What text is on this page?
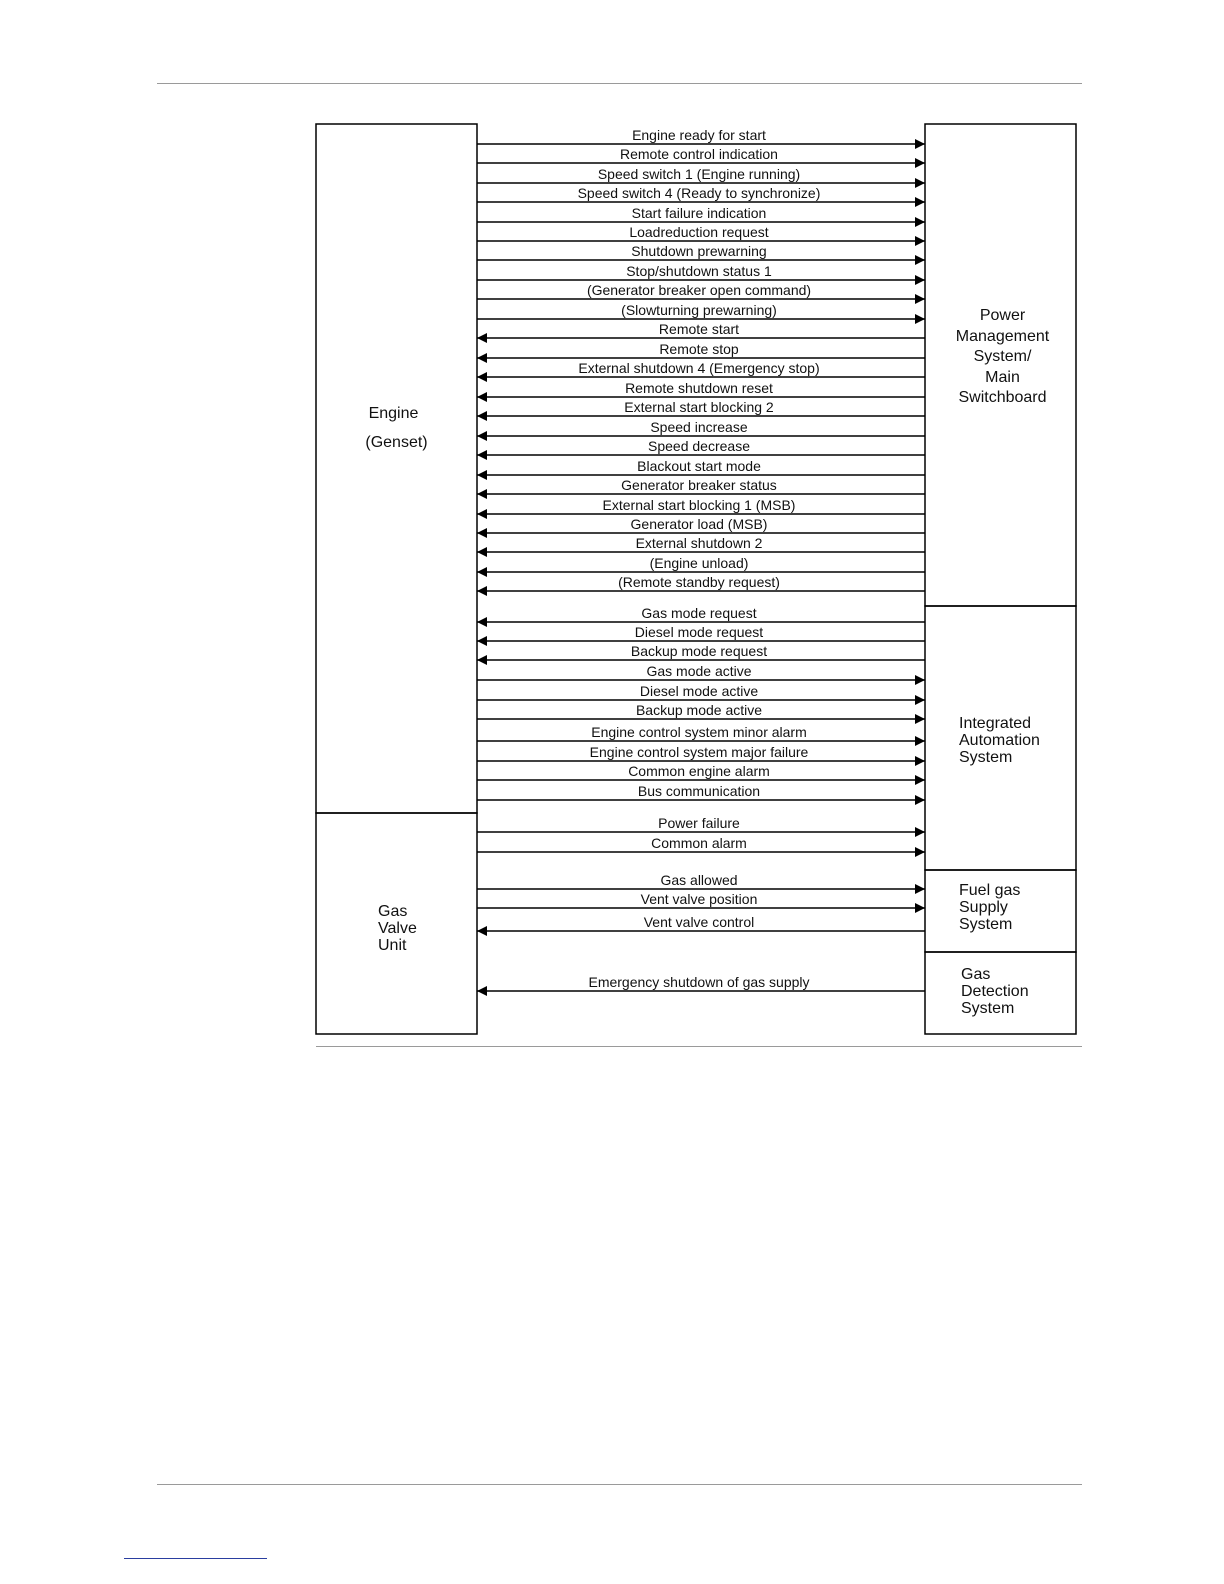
Engine ready for start
Remote control indication
Speed switch 1 (Engine running)
Speed switch 4 (Ready to synchronize)
Start failure indication
Loadreduction request
Shutdown prewarning
Stop/shutdown status 1
(Generator breaker open command)
(Slowturning prewarning)
Remote start
Remote stop
External shutdown 4 (Emergency stop)
Remote shutdown reset
External start blocking 2
Speed increase
Speed decrease
Blackout start mode
Generator breaker status
External start blocking 1 (MSB)
Generator load (MSB)
External shutdown 2
(Engine unload)
(Remote standby request)
Gas mode request
Diesel mode request
Backup mode request
Gas mode active
Diesel mode active
Backup mode active
Engine control system minor alarm
Engine control system major failure
Common engine alarm
Bus communication
Power failure
Common alarm
Gas allowed
Vent valve position
Vent valve control
Emergency shutdown of gas supply
Engine
(Genset)
Gas
Valve
Unit
Power
Management
System/
Main
Switchboard
Integrated
Automation
System
Fuel gas
Supply
System
Gas
Detection
System
